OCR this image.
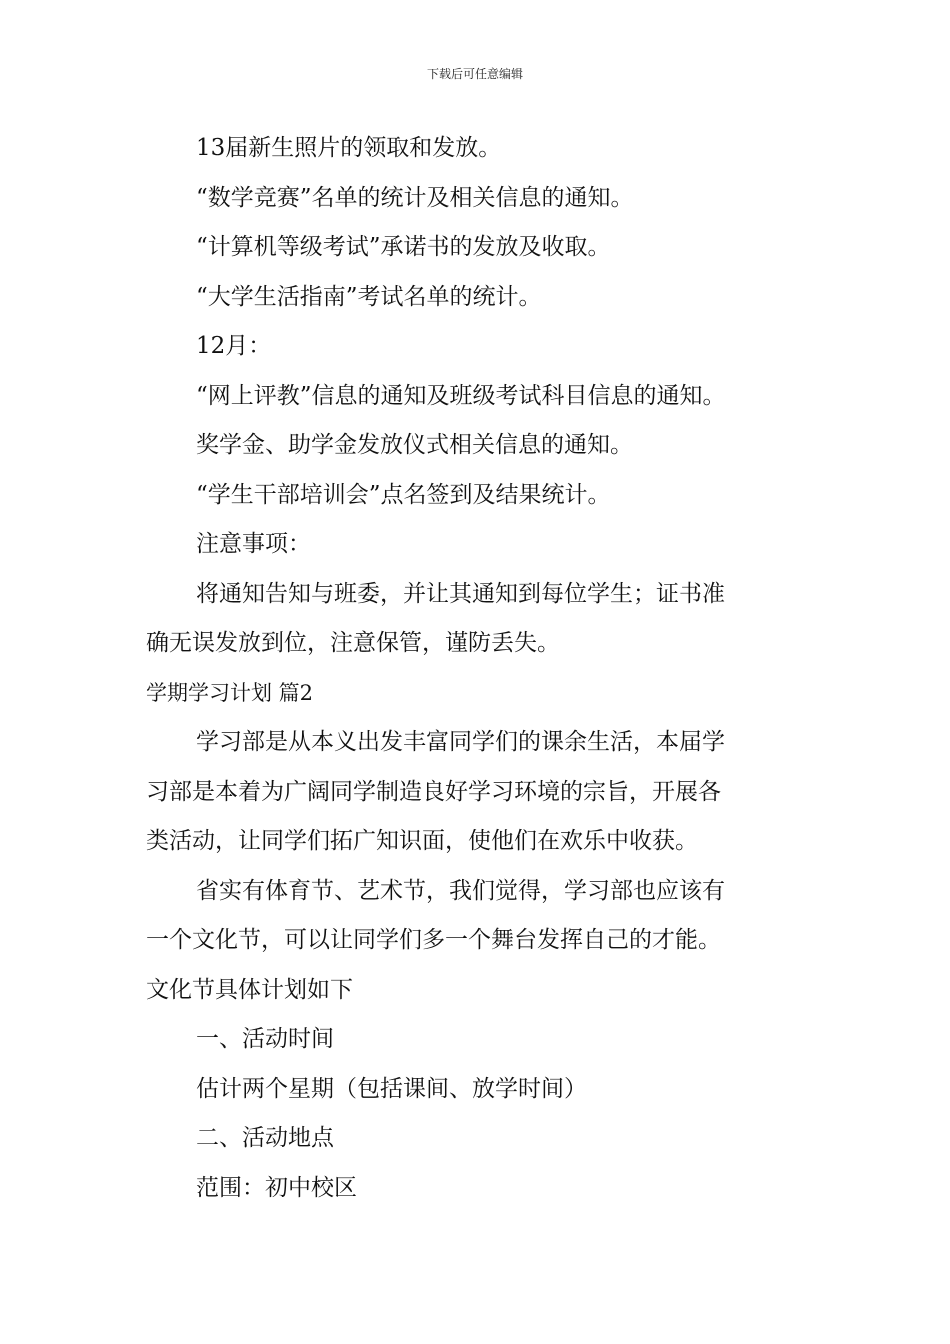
下载后可任意编辑
13届新生照片的领取和发放。
“数学竞赛”名单的统计及相关信息的通知。
“计算机等级考试”承诺书的发放及收取。
“大学生活指南”考试名单的统计。
12月：
“网上评教”信息的通知及班级考试科目信息的通知。
奖学金、助学金发放仪式相关信息的通知。
“学生干部培训会”点名签到及结果统计。
注意事项：
将通知告知与班委，并让其通知到每位学生；证书准
确无误发放到位，注意保管，谨防丢失。
学期学习计划 篇2
学习部是从本义出发丰富同学们的课余生活，本届学
习部是本着为广阔同学制造良好学习环境的宗旨，开展各
类活动，让同学们拓广知识面，使他们在欢乐中收获。
省实有体育节、艺术节，我们觉得，学习部也应该有
一个文化节，可以让同学们多一个舞台发挥自己的才能。
文化节具体计划如下
一、活动时间
估计两个星期（包括课间、放学时间）
二、活动地点
范围：初中校区
